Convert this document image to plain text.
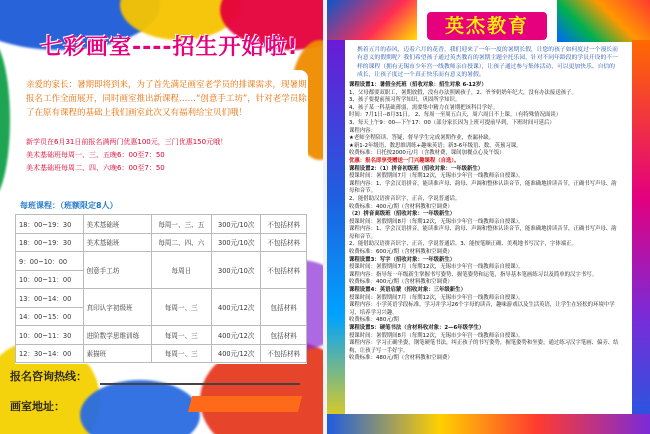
七彩画室----招生开始啦!
亲爱的家长：暑期即将到来，为了首先满足画室老学员的排课需求，现暑期报名工作全面展开，同时画室推出新课程……“创意手工坊”，针对老学员除了在原有课程的基础上我们画室此次又有福利给宝贝们哦！
新学员在6月31日前报名满两门优惠100元，三门优惠150元哦！
美术基础班每周一、三、五晚6：00至7：50
美术基础班每周二、四、六晚6：00至7：50
每班课程：（班额限定8人）
18：00~19：30	美术基础班	每周一、三、五	300元/10次	不包括材料
18：00~19：30	美术基础班	每周二、四、六	300元/10次	不包括材料
9：00~10：00	创意手工坊	每周日	300元/10次	不包括材料
10：00~11：00				
13：00~14：00	真印认字初级班	每周一、三	400元/12次	包括材料
14：00~15：00				
10：00~11：30	进阶数学思维训练	每周一、三	400元/12次	包括材料
12：30~14：00	素描班	每周一、三	400元/12次	不包括材料
报名咨询热线：
画室地址：
英杰教育
携着五月的春风，迈着六月的花香，我们迎来了一年一度的暑期长假，让您的孩子如何度过一个漫长而有意义的假期呢？我们希望孩子通过英杰教育的暑期主题全托乐园，针对不同年龄段的学员开设的不一样的课程（拥有无锡市少年宫一线教师亲自授课），让孩子通过参与集体活动，可以更加快乐、自信的成长，让孩子度过一个真正快乐而有意义的暑假。
课程设置1：暑假全托班（招收对象：招生对象 6-12岁）
1、父母都要双职工，暑期放假，没有办法照顾孩子，2、爷爷奶奶年纪大，没有办法接送孩子。
3、孩子要提前预习所学知识，巩固所学知识。
4、孩子某一科基础薄弱，需要集中精力在暑期把该科目学好。
时间：7月1日--8月31日。 2、每周一至周五白天，周六周日不上课。（有特殊情况面谈）
3、每天上午9：00---下午17：00（部分家长因为上班可提前早到，下班时间可延后）
课程内容：
★老师全程陪读、答疑，督导学生完成暑期作业，查漏补缺。
★新1-2年级语、数思维训练+趣味英语；新3-6年级语、数、英预习课。
收费标准：日托按2000元/月（含教材费，课间加餐点心及午饭）
优惠：报名即享受赠送一门兴趣课程（自选）。
课程设置2：（1）拼音初级班（招收对象：一年级新生）
授课时间：暑假期间7月（每期12次，无锡市少年宫一线教师亲自授课）。
课程内容：1、学会汉语拼音，能读准声母、韵母、声调和整体认读音节，能准确地拼读音节，正确书写声母、韵母和音节。
2、能借助汉语拼音识字，正音，学说普通话。
收费标准：400元/期（含材料教和空调费）
（2）拼音高级班（招收对象：一年级新生）
授课时间：暑假期间8月（每期12次，无锡市少年宫一线教师亲自授课）。
课程内容：1、学会汉语拼音，能读准声母、韵母、声调和整体认读音节，能准确地拼读音节，正确书写声母、韵母和音节。
2、能借助汉语拼音识字，正音，学说普通话。3、能按笔顺正确、美观地书写汉字，字体端正。
收费标准：600元/期（含材料教和空调费）
课程设置3：写字（招收对象：一年级新生）
授课时间：暑假期间7月（每期12次，无锡市少年宫一线教师亲自授课）。
课程内容：指导每一年级新生掌握书写姿势、握笔姿势和运笔，指导基本笔画练习以及简单的汉字书写。
收费标准：400元/期（含材料教和空调费）
课程设置4：英语启蒙（招收对象：三年级新生）
授课时间：暑假期间7月（每期12次，无锡市少年宫一线教师亲自授课）。
课程内容：小学英语学段标准，学习并学习26个字母的读音，趣味游戏以及生活英语，让学生在轻松的环境中学习，培养学习兴趣。
收费标准：480元/期
课程设置5：硬笔书法（含材料收对象：2—6年级学生）
授课时间：暑假期间8月（每期12次，无锡市少年宫一线教师亲自授课）。
课程内容：学习正确坐姿，钢笔硬笔书法，纠正孩子的书写姿势，握笔姿势和坐姿，通过练习汉字笔画、偏旁、结构，让孩子写一手好字。
收费标准：480元/期（含材料教和空调费）
